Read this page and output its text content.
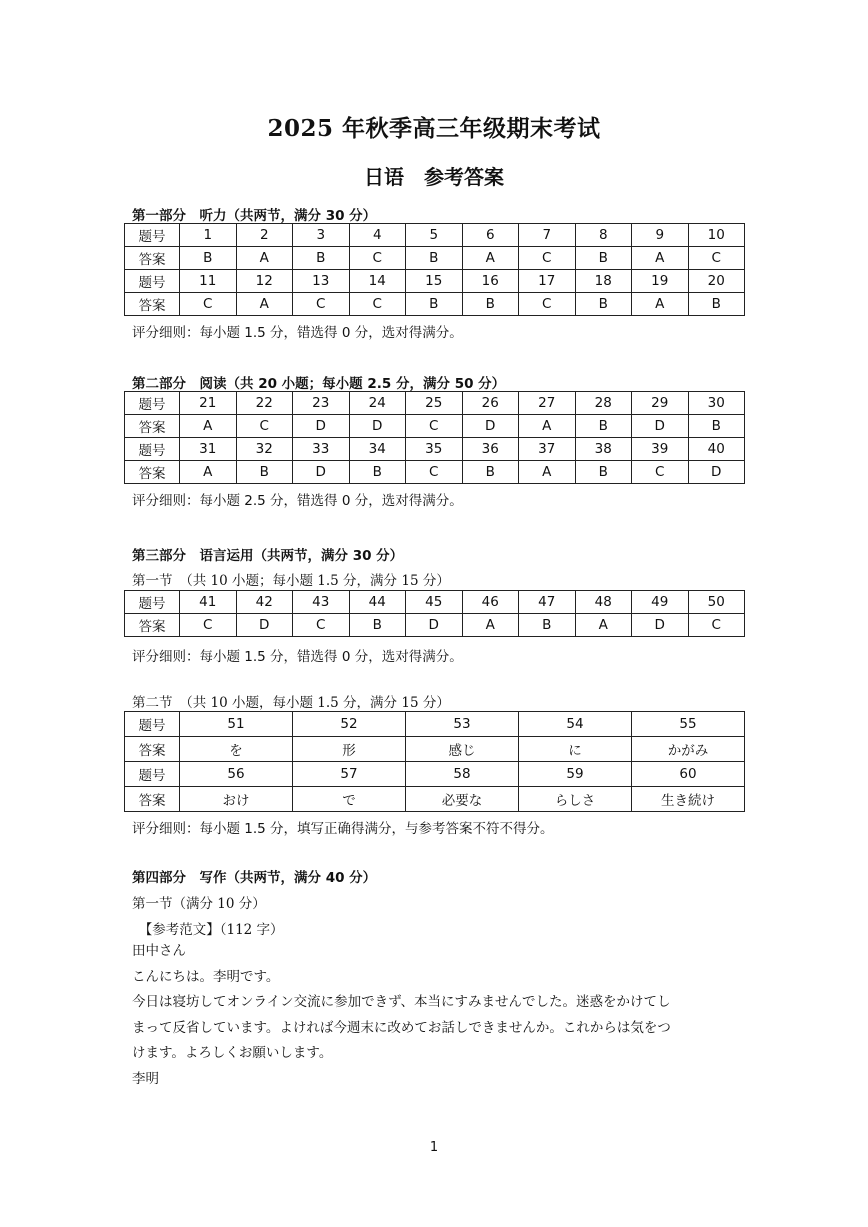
2025 年秋季高三年级期末考试
日语　参考答案
第一部分　听力（共两节，满分 30 分）
题号	1	2	3	4	5	6	7	8	9	10
答案	B	A	B	C	B	A	C	B	A	C
题号	11	12	13	14	15	16	17	18	19	20
答案	C	A	C	C	B	B	C	B	A	B
评分细则：每小题 1.5 分，错选得 0 分，选对得满分。
第二部分　阅读（共 20 小题；每小题 2.5 分，满分 50 分）
题号	21	22	23	24	25	26	27	28	29	30
答案	A	C	D	D	C	D	A	B	D	B
题号	31	32	33	34	35	36	37	38	39	40
答案	A	B	D	B	C	B	A	B	C	D
评分细则：每小题 2.5 分，错选得 0 分，选对得满分。
第三部分　语言运用（共两节，满分 30 分）
第一节　（共 10 小题；每小题 1.5 分，满分 15 分）
题号	41	42	43	44	45	46	47	48	49	50
答案	C	D	C	B	D	A	B	A	D	C
评分细则：每小题 1.5 分，错选得 0 分，选对得满分。
第二节　（共 10 小题，每小题 1.5 分，满分 15 分）
题号	51	52	53	54	55
答案	を	形	感じ	に	かがみ
题号	56	57	58	59	60
答案	おけ	で	必要な	らしさ	生き続け
评分细则：每小题 1.5 分，填写正确得满分，与参考答案不符不得分。
第四部分　写作（共两节，满分 40 分）
第一节（满分 10 分）
　【参考范文】（112 字）

田中さん

こんにちは。李明です。

今日は寝坊してオンライン交流に参加できず、本当にすみませんでした。迷惑をかけてし

まって反省しています。よければ今週末に改めてお話しできませんか。これからは気をつ

けます。よろしくお願いします。

李明

1
